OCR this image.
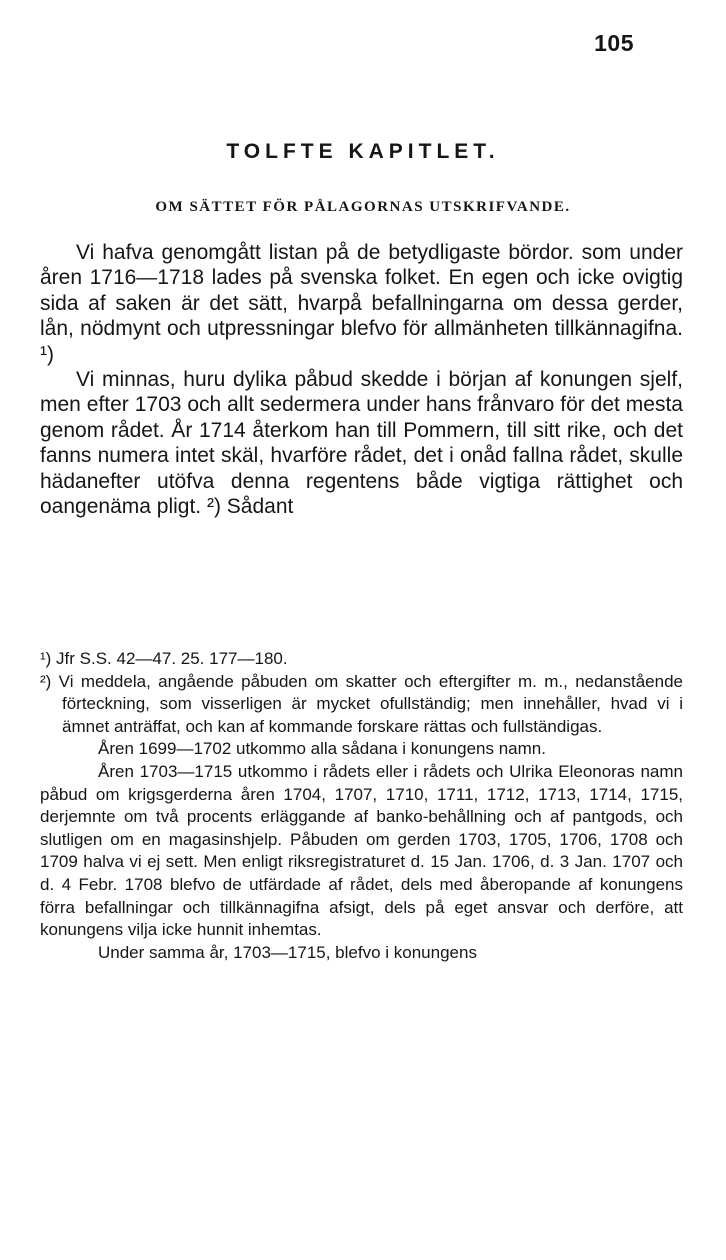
105
TOLFTE KAPITLET.
OM SÄTTET FÖR PÅLAGORNAS UTSKRIFVANDE.

Vi hafva genomgått listan på de betydligaste bördor. som under åren 1716—1718 lades på svenska folket. En egen och icke ovigtig sida af saken är det sätt, hvarpå befallningarna om dessa gerder, lån, nödmynt och utpressningar blefvo för allmänheten tillkännagifna. ¹)

Vi minnas, huru dylika påbud skedde i början af konungen sjelf, men efter 1703 och allt sedermera under hans frånvaro för det mesta genom rådet. År 1714 återkom han till Pommern, till sitt rike, och det fanns numera intet skäl, hvarföre rådet, det i onåd fallna rådet, skulle hädanefter utöfva denna regentens både vigtiga rättighet och oangenäma pligt. ²) Sådant

¹) Jfr S.S. 42—47. 25. 177—180.

²) Vi meddela, angående påbuden om skatter och eftergifter m. m., nedanstående förteckning, som visserligen är mycket ofullständig; men innehåller, hvad vi i ämnet anträffat, och kan af kommande forskare rättas och fullständigas.

Åren 1699—1702 utkommo alla sådana i konungens namn.

Åren 1703—1715 utkommo i rådets eller i rådets och Ulrika Eleonoras namn påbud om krigsgerderna åren 1704, 1707, 1710, 1711, 1712, 1713, 1714, 1715, derjemnte om två procents erläggande af banko-behållning och af pantgods, och slutligen om en magasinshjelp. Påbuden om gerden 1703, 1705, 1706, 1708 och 1709 halva vi ej sett. Men enligt riksregistraturet d. 15 Jan. 1706, d. 3 Jan. 1707 och d. 4 Febr. 1708 blefvo de utfärdade af rådet, dels med åberopande af konungens förra befallningar och tillkännagifna afsigt, dels på eget ansvar och derföre, att konungens vilja icke hunnit inhemtas.

Under samma år, 1703—1715, blefvo i konungens
